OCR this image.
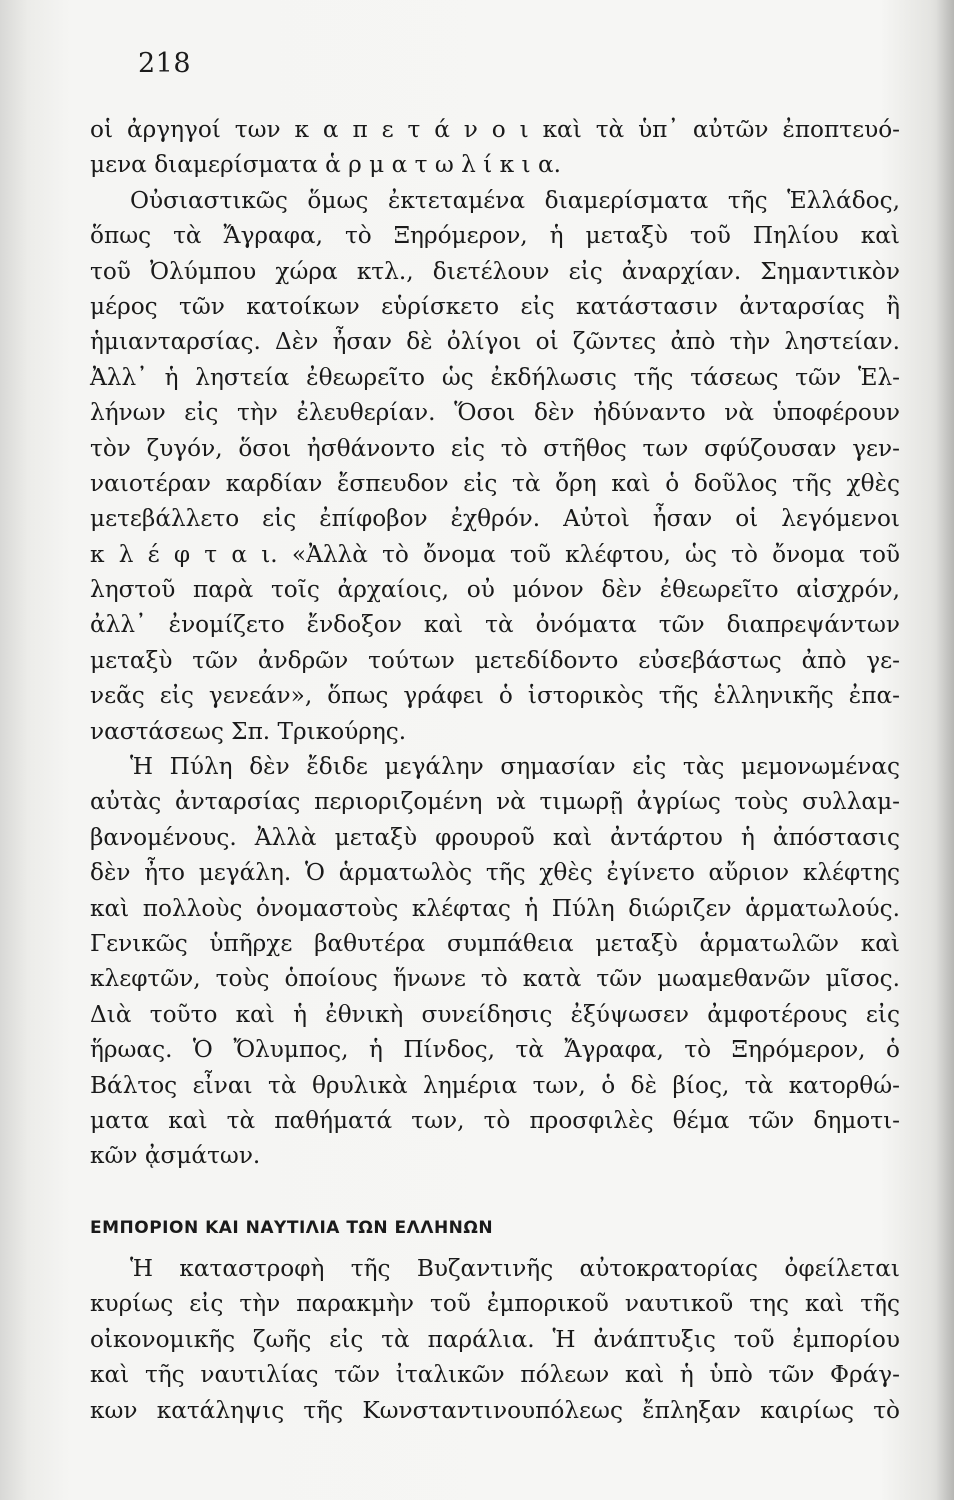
218
οἱ ἀργηγοί των κ α π ε τ ά ν ο ι καὶ τὰ ὑπ᾽ αὐτῶν ἐποπτευό-
μενα διαμερίσματα ἁ ρ μ α τ ω λ ί κ ι α.
Οὐσιαστικῶς ὅμως ἐκτεταμένα διαμερίσματα τῆς Ἑλλάδος,
ὅπως τὰ Ἄγραφα, τὸ Ξηρόμερον, ἡ μεταξὺ τοῦ Πηλίου καὶ
τοῦ Ὀλύμπου χώρα κτλ., διετέλουν εἰς ἀναρχίαν. Σημαντικὸν
μέρος τῶν κατοίκων εὑρίσκετο εἰς κατάστασιν ἀνταρσίας ἢ
ἡμιανταρσίας. Δὲν ἦσαν δὲ ὀλίγοι οἱ ζῶντες ἀπὸ τὴν ληστείαν.
Ἀλλ᾽ ἡ ληστεία ἐθεωρεῖτο ὡς ἐκδήλωσις τῆς τάσεως τῶν Ἑλ-
λήνων εἰς τὴν ἐλευθερίαν. Ὅσοι δὲν ἠδύναντο νὰ ὑποφέρουν
τὸν ζυγόν, ὅσοι ἠσθάνοντο εἰς τὸ στῆθος των σφύζουσαν γεν-
ναιοτέραν καρδίαν ἔσπευδον εἰς τὰ ὄρη καὶ ὁ δοῦλος τῆς χθὲς
μετεβάλλετο εἰς ἐπίφοβον ἐχθρόν. Αὐτοὶ ἦσαν οἱ λεγόμενοι
κ λ έ φ τ α ι. «Ἀλλὰ τὸ ὄνομα τοῦ κλέφτου, ὡς τὸ ὄνομα τοῦ
ληστοῦ παρὰ τοῖς ἀρχαίοις, οὐ μόνον δὲν ἐθεωρεῖτο αἰσχρόν,
ἀλλ᾽ ἐνομίζετο ἔνδοξον καὶ τὰ ὀνόματα τῶν διαπρεψάντων
μεταξὺ τῶν ἀνδρῶν τούτων μετεδίδοντο εὐσεβάστως ἀπὸ γε-
νεᾶς εἰς γενεάν», ὅπως γράφει ὁ ἱστορικὸς τῆς ἑλληνικῆς ἐπα-
ναστάσεως Σπ. Τρικούρης.
Ἡ Πύλη δὲν ἔδιδε μεγάλην σημασίαν εἰς τὰς μεμονωμένας
αὐτὰς ἀνταρσίας περιοριζομένη νὰ τιμωρῇ ἀγρίως τοὺς συλλαμ-
βανομένους. Ἀλλὰ μεταξὺ φρουροῦ καὶ ἀντάρτου ἡ ἀπόστασις
δὲν ἦτο μεγάλη. Ὁ ἁρματωλὸς τῆς χθὲς ἐγίνετο αὔριον κλέφτης
καὶ πολλοὺς ὀνομαστοὺς κλέφτας ἡ Πύλη διώριζεν ἁρματωλούς.
Γενικῶς ὑπῆρχε βαθυτέρα συμπάθεια μεταξὺ ἁρματωλῶν καὶ
κλεφτῶν, τοὺς ὁποίους ἥνωνε τὸ κατὰ τῶν μωαμεθανῶν μῖσος.
Διὰ τοῦτο καὶ ἡ ἐθνικὴ συνείδησις ἐξύψωσεν ἀμφοτέρους εἰς
ἥρωας. Ὁ Ὄλυμπος, ἡ Πίνδος, τὰ Ἄγραφα, τὸ Ξηρόμερον, ὁ
Βάλτος εἶναι τὰ θρυλικὰ λημέρια των, ὁ δὲ βίος, τὰ κατορθώ-
ματα καὶ τὰ παθήματά των, τὸ προσφιλὲς θέμα τῶν δημοτι-
κῶν ᾀσμάτων.
ΕΜΠΟΡΙΟΝ ΚΑΙ ΝΑΥΤΙΛΙΑ ΤΩΝ ΕΛΛΗΝΩΝ
Ἡ καταστροφὴ τῆς Βυζαντινῆς αὐτοκρατορίας ὀφείλεται
κυρίως εἰς τὴν παρακμὴν τοῦ ἐμπορικοῦ ναυτικοῦ της καὶ τῆς
οἰκονομικῆς ζωῆς εἰς τὰ παράλια. Ἡ ἀνάπτυξις τοῦ ἐμπορίου
καὶ τῆς ναυτιλίας τῶν ἰταλικῶν πόλεων καὶ ἡ ὑπὸ τῶν Φράγ-
κων κατάληψις τῆς Κωνσταντινουπόλεως ἔπληξαν καιρίως τὸ
